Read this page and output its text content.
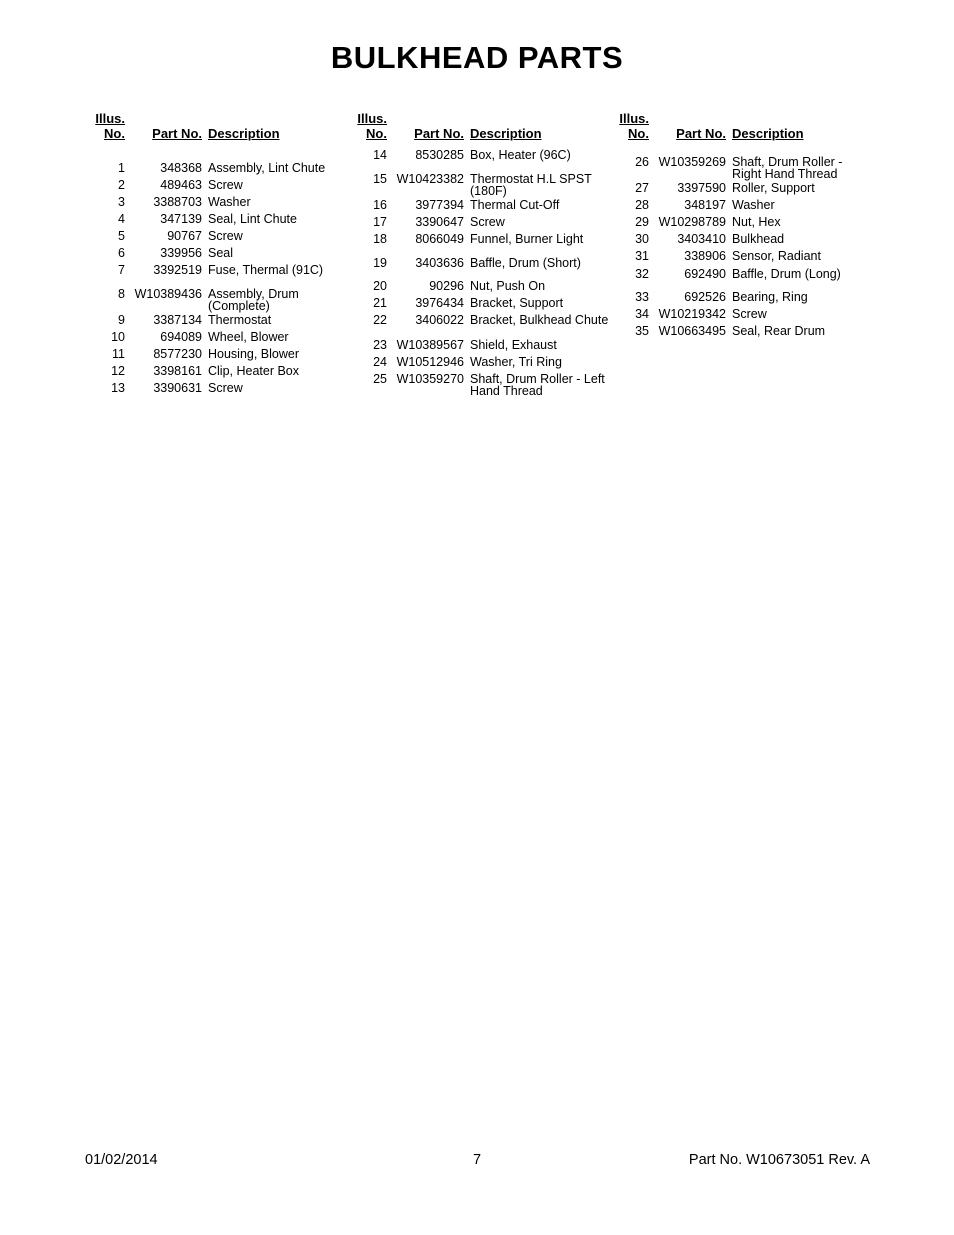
BULKHEAD PARTS
Illus.
No.	Part No. Description
1	348368 Assembly, Lint Chute
2	489463 Screw
3	3388703 Washer
4	347139 Seal, Lint Chute
5	90767 Screw
6	339956 Seal
7	3392519 Fuse, Thermal (91C)
8 W10389436 Assembly, Drum (Complete)
9	3387134 Thermostat
10	694089 Wheel, Blower
11	8577230 Housing, Blower
12	3398161 Clip, Heater Box
13	3390631 Screw
Illus.
No.	Part No. Description
14	8530285 Box, Heater (96C)
15 W10423382 Thermostat H.L SPST (180F)
16	3977394 Thermal Cut-Off
17	3390647 Screw
18	8066049 Funnel, Burner Light
19	3403636 Baffle, Drum (Short)
20	90296 Nut, Push On
21	3976434 Bracket, Support
22	3406022 Bracket, Bulkhead Chute
23 W10389567 Shield, Exhaust
24 W10512946 Washer, Tri Ring
25 W10359270 Shaft, Drum Roller - Left Hand Thread
Illus.
No.	Part No. Description
26 W10359269 Shaft, Drum Roller - Right Hand Thread
27	3397590 Roller, Support
28	348197 Washer
29 W10298789 Nut, Hex
30	3403410 Bulkhead
31	338906 Sensor, Radiant
32	692490 Baffle, Drum (Long)
33	692526 Bearing, Ring
34 W10219342 Screw
35 W10663495 Seal, Rear Drum
01/02/2014	7	Part No. W10673051 Rev. A
